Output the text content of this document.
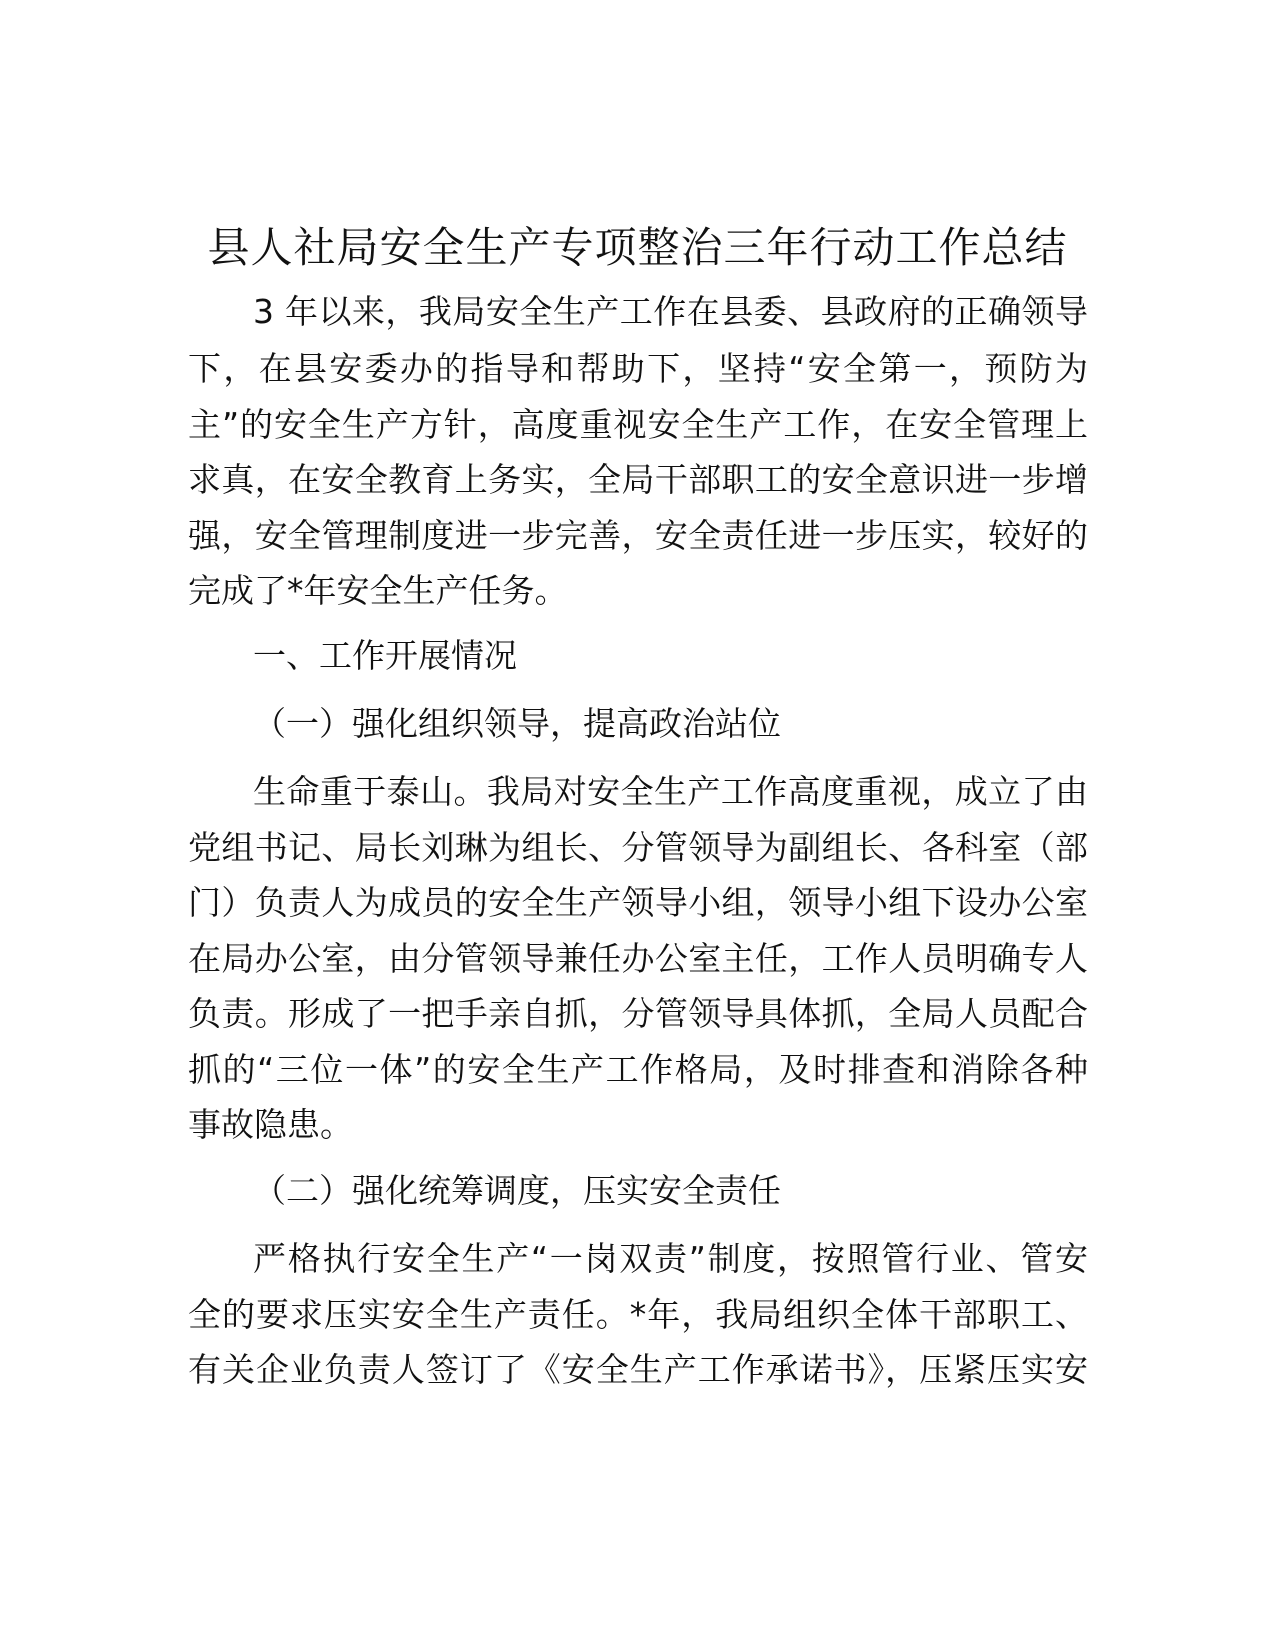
县人社局安全生产专项整治三年行动工作总结

3 年以来，我局安全生产工作在县委、县政府的正确领导

下，在县安委办的指导和帮助下，坚持“安全第一，预防为

主”的安全生产方针，高度重视安全生产工作，在安全管理上

求真，在安全教育上务实，全局干部职工的安全意识进一步增

强，安全管理制度进一步完善，安全责任进一步压实，较好的

完成了*年安全生产任务。

一、工作开展情况

（一）强化组织领导，提高政治站位

生命重于泰山。我局对安全生产工作高度重视，成立了由

党组书记、局长刘琳为组长、分管领导为副组长、各科室（部

门）负责人为成员的安全生产领导小组，领导小组下设办公室

在局办公室，由分管领导兼任办公室主任，工作人员明确专人

负责。形成了一把手亲自抓，分管领导具体抓，全局人员配合

抓的“三位一体”的安全生产工作格局，及时排查和消除各种

事故隐患。

（二）强化统筹调度，压实安全责任

严格执行安全生产“一岗双责”制度，按照管行业、管安

全的要求压实安全生产责任。*年，我局组织全体干部职工、

有关企业负责人签订了《安全生产工作承诺书》，压紧压实安
